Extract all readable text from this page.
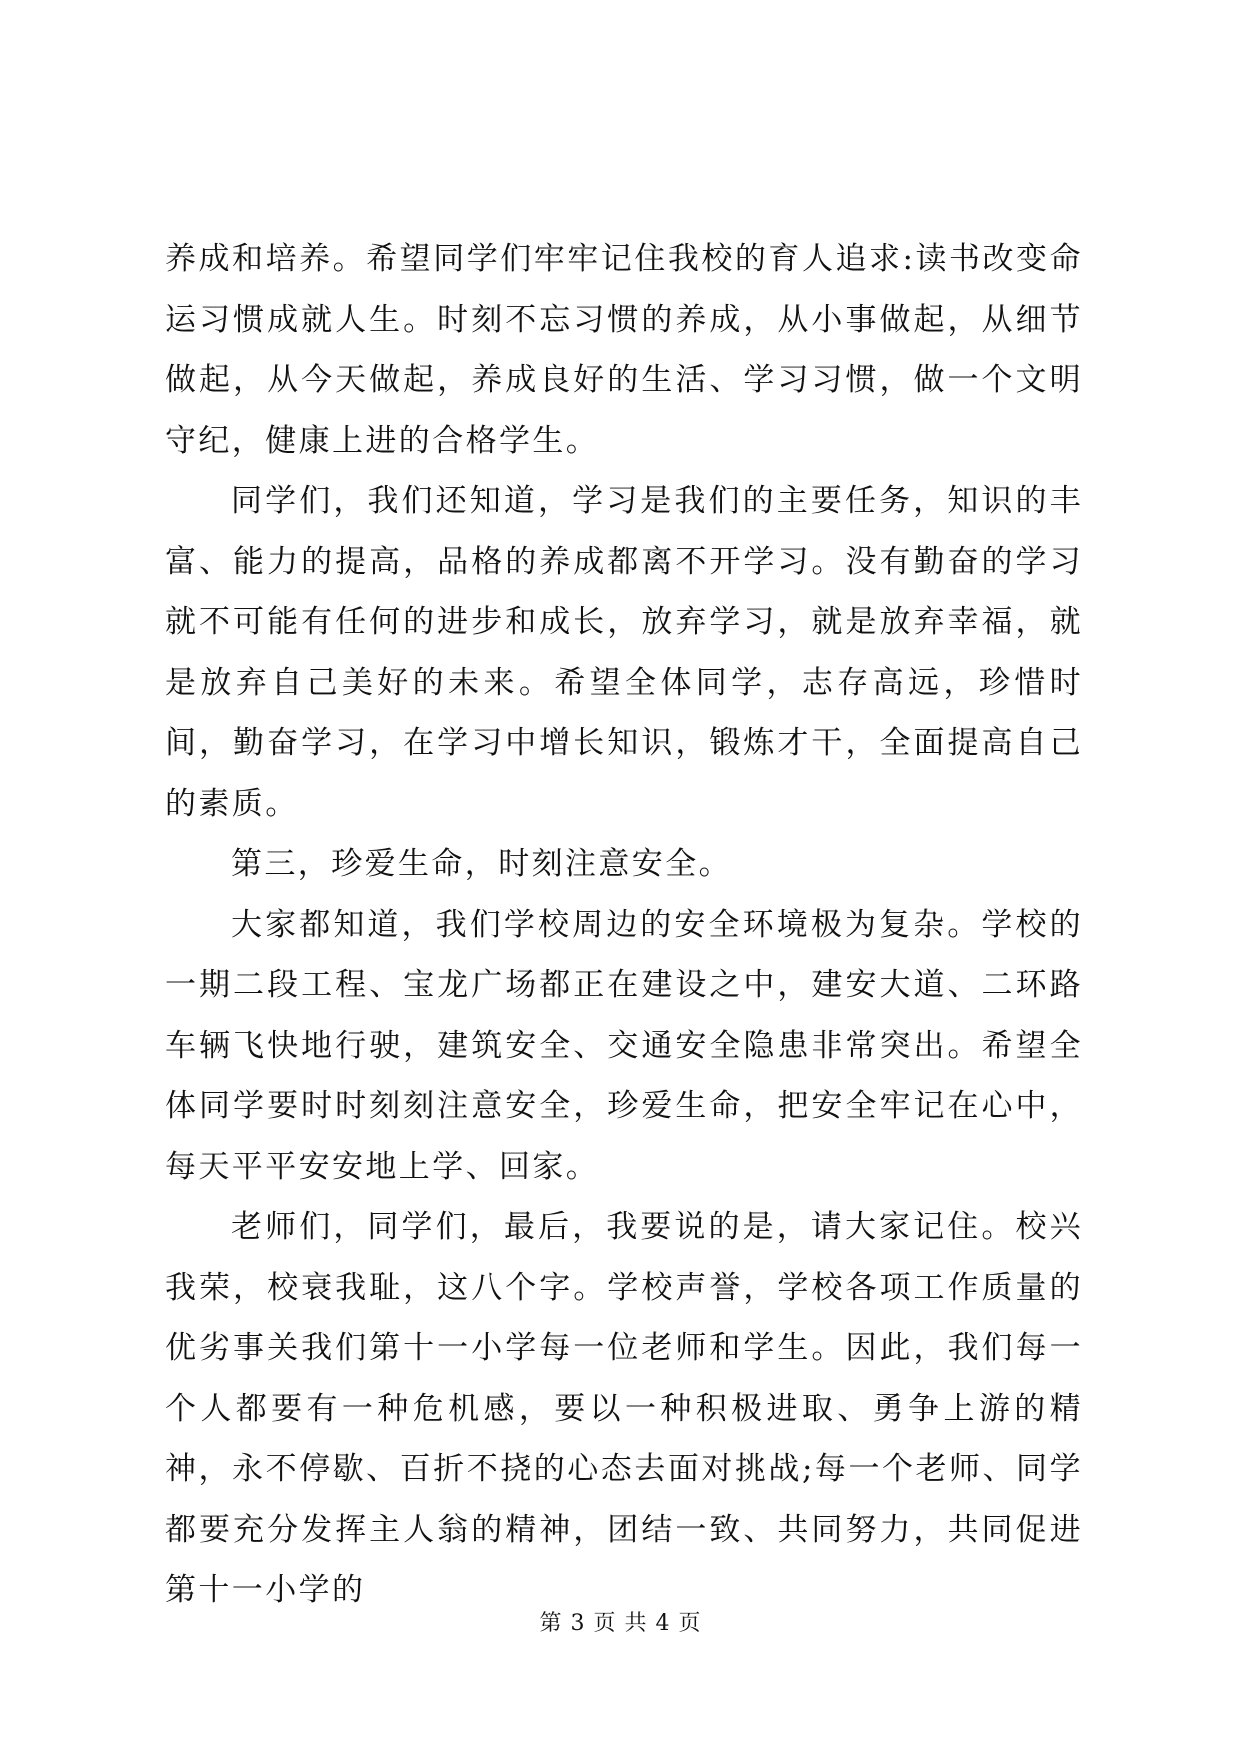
养成和培养。希望同学们牢牢记住我校的育人追求:读书改变命运习惯成就人生。时刻不忘习惯的养成，从小事做起，从细节做起，从今天做起，养成良好的生活、学习习惯，做一个文明守纪，健康上进的合格学生。

同学们，我们还知道，学习是我们的主要任务，知识的丰富、能力的提高，品格的养成都离不开学习。没有勤奋的学习就不可能有任何的进步和成长，放弃学习，就是放弃幸福，就是放弃自己美好的未来。希望全体同学，志存高远，珍惜时间，勤奋学习，在学习中增长知识，锻炼才干，全面提高自己的素质。

第三，珍爱生命，时刻注意安全。

大家都知道，我们学校周边的安全环境极为复杂。学校的一期二段工程、宝龙广场都正在建设之中，建安大道、二环路车辆飞快地行驶，建筑安全、交通安全隐患非常突出。希望全体同学要时时刻刻注意安全，珍爱生命，把安全牢记在心中，每天平平安安地上学、回家。

老师们，同学们，最后，我要说的是，请大家记住。校兴我荣，校衰我耻，这八个字。学校声誉，学校各项工作质量的优劣事关我们第十一小学每一位老师和学生。因此，我们每一个人都要有一种危机感，要以一种积极进取、勇争上游的精神，永不停歇、百折不挠的心态去面对挑战;每一个老师、同学都要充分发挥主人翁的精神，团结一致、共同努力，共同促进第十一小学的

第 3 页 共 4 页
